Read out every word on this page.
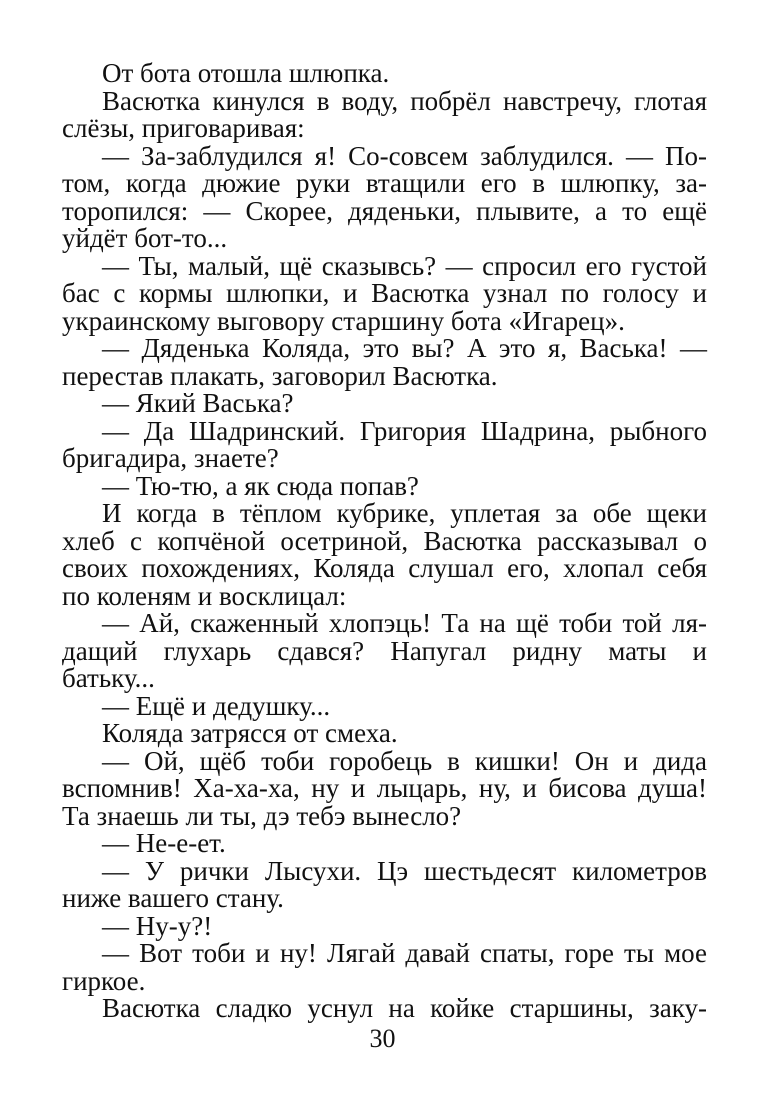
От бота отошла шлюпка.
Васютка кинулся в воду, побрёл навстречу, глотая
слёзы, приговаривая:
— За-заблудился я! Со-совсем заблудился. — По-
том, когда дюжие руки втащили его в шлюпку, за-
торопился: — Скорее, дяденьки, плывите, а то ещё
уйдёт бот-то...
— Ты, малый, щё сказывсь? — спросил его густой
бас с кормы шлюпки, и Васютка узнал по голосу и
украинскому выговору старшину бота «Игарец».
— Дяденька Коляда, это вы? А это я, Васька! —
перестав плакать, заговорил Васютка.
— Який Васька?
— Да Шадринский. Григория Шадрина, рыбного
бригадира, знаете?
— Тю-тю, а як сюда попав?
И когда в тёплом кубрике, уплетая за обе щеки
хлеб с копчёной осетриной, Васютка рассказывал о
своих похождениях, Коляда слушал его, хлопал себя
по коленям и восклицал:
— Ай, скаженный хлопэць! Та на щё тоби той ля-
дащий глухарь сдався? Напугал ридну маты и
батьку...
— Ещё и дедушку...
Коляда затрясся от смеха.
— Ой, щёб тоби горобець в кишки! Он и дида
вспомнив! Ха-ха-ха, ну и лыцарь, ну, и бисова душа!
Та знаешь ли ты, дэ тебэ вынесло?
— Не-е-ет.
— У рички Лысухи. Цэ шестьдесят километров
ниже вашего стану.
— Ну-у?!
— Вот тоби и ну! Лягай давай спаты, горе ты мое
гиркое.
Васютка сладко уснул на койке старшины, заку-
30
